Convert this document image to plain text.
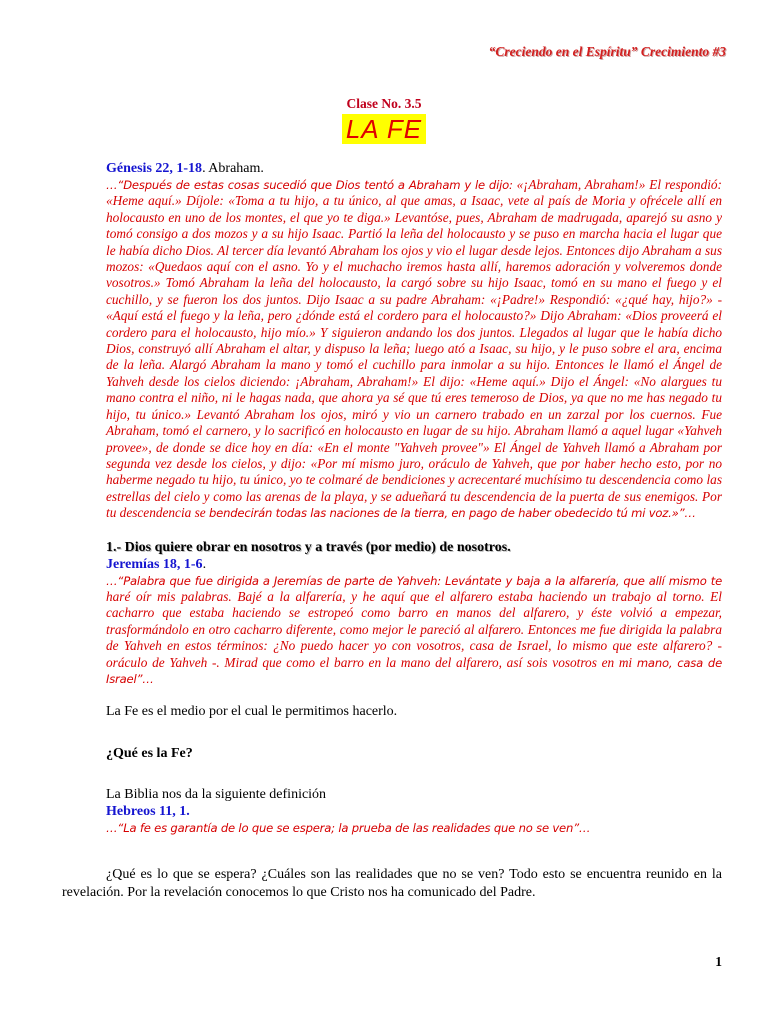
“Creciendo en el Espíritu” Crecimiento #3
Clase No. 3.5
LA FE
Génesis 22, 1-18. Abraham.

…“Después de estas cosas sucedió que Dios tentó a Abraham y le dijo: «¡Abraham, Abraham!» El respondió: «Heme aquí.» Díjole: «Toma a tu hijo, a tu único, al que amas, a Isaac, vete al país de Moria y ofrécele allí en holocausto en uno de los montes, el que yo te diga.» Levantóse, pues, Abraham de madrugada, aparejó su asno y tomó consigo a dos mozos y a su hijo Isaac. Partió la leña del holocausto y se puso en marcha hacia el lugar que le había dicho Dios. Al tercer día levantó Abraham los ojos y vio el lugar desde lejos. Entonces dijo Abraham a sus mozos: «Quedaos aquí con el asno. Yo y el muchacho iremos hasta allí, haremos adoración y volveremos donde vosotros.» Tomó Abraham la leña del holocausto, la cargó sobre su hijo Isaac, tomó en su mano el fuego y el cuchillo, y se fueron los dos juntos. Dijo Isaac a su padre Abraham: «¡Padre!» Respondió: «¿qué hay, hijo?» - «Aquí está el fuego y la leña, pero ¿dónde está el cordero para el holocausto?» Dijo Abraham: «Dios proveerá el cordero para el holocausto, hijo mío.» Y siguieron andando los dos juntos. Llegados al lugar que le había dicho Dios, construyó allí Abraham el altar, y dispuso la leña; luego ató a Isaac, su hijo, y le puso sobre el ara, encima de la leña. Alargó Abraham la mano y tomó el cuchillo para inmolar a su hijo. Entonces le llamó el Ángel de Yahveh desde los cielos diciendo: ¡Abraham, Abraham!» El dijo: «Heme aquí.» Dijo el Ángel: «No alargues tu mano contra el niño, ni le hagas nada, que ahora ya sé que tú eres temeroso de Dios, ya que no me has negado tu hijo, tu único.» Levantó Abraham los ojos, miró y vio un carnero trabado en un zarzal por los cuernos. Fue Abraham, tomó el carnero, y lo sacrificó en holocausto en lugar de su hijo. Abraham llamó a aquel lugar «Yahveh provee», de donde se dice hoy en día: «En el monte "Yahveh provee"» El Ángel de Yahveh llamó a Abraham por segunda vez desde los cielos, y dijo: «Por mí mismo juro, oráculo de Yahveh, que por haber hecho esto, por no haberme negado tu hijo, tu único, yo te colmaré de bendiciones y acrecentaré muchísimo tu descendencia como las estrellas del cielo y como las arenas de la playa, y se adueñará tu descendencia de la puerta de sus enemigos. Por tu descendencia se bendecirán todas las naciones de la tierra, en pago de haber obedecido tú mi voz.»”…

1.- Dios quiere obrar en nosotros y a través (por medio) de nosotros.
Jeremías 18, 1-6.

…“Palabra que fue dirigida a Jeremías de parte de Yahveh: Levántate y baja a la alfarería, que allí mismo te haré oír mis palabras. Bajé a la alfarería, y he aquí que el alfarero estaba haciendo un trabajo al torno. El cacharro que estaba haciendo se estropeó como barro en manos del alfarero, y éste volvió a empezar, trasformándolo en otro cacharro diferente, como mejor le pareció al alfarero. Entonces me fue dirigida la palabra de Yahveh en estos términos: ¿No puedo hacer yo con vosotros, casa de Israel, lo mismo que este alfarero? - oráculo de Yahveh -. Mirad que como el barro en la mano del alfarero, así sois vosotros en mi mano, casa de Israel”…

La Fe es el medio por el cual le permitimos hacerlo.

¿Qué es la Fe?

La Biblia nos da la siguiente definición

Hebreos 11, 1.

…“La fe es garantía de lo que se espera; la prueba de las realidades que no se ven”…

¿Qué es lo que se espera? ¿Cuáles son las realidades que no se ven? Todo esto se encuentra reunido en la revelación. Por la revelación conocemos lo que Cristo nos ha comunicado del Padre.

1
